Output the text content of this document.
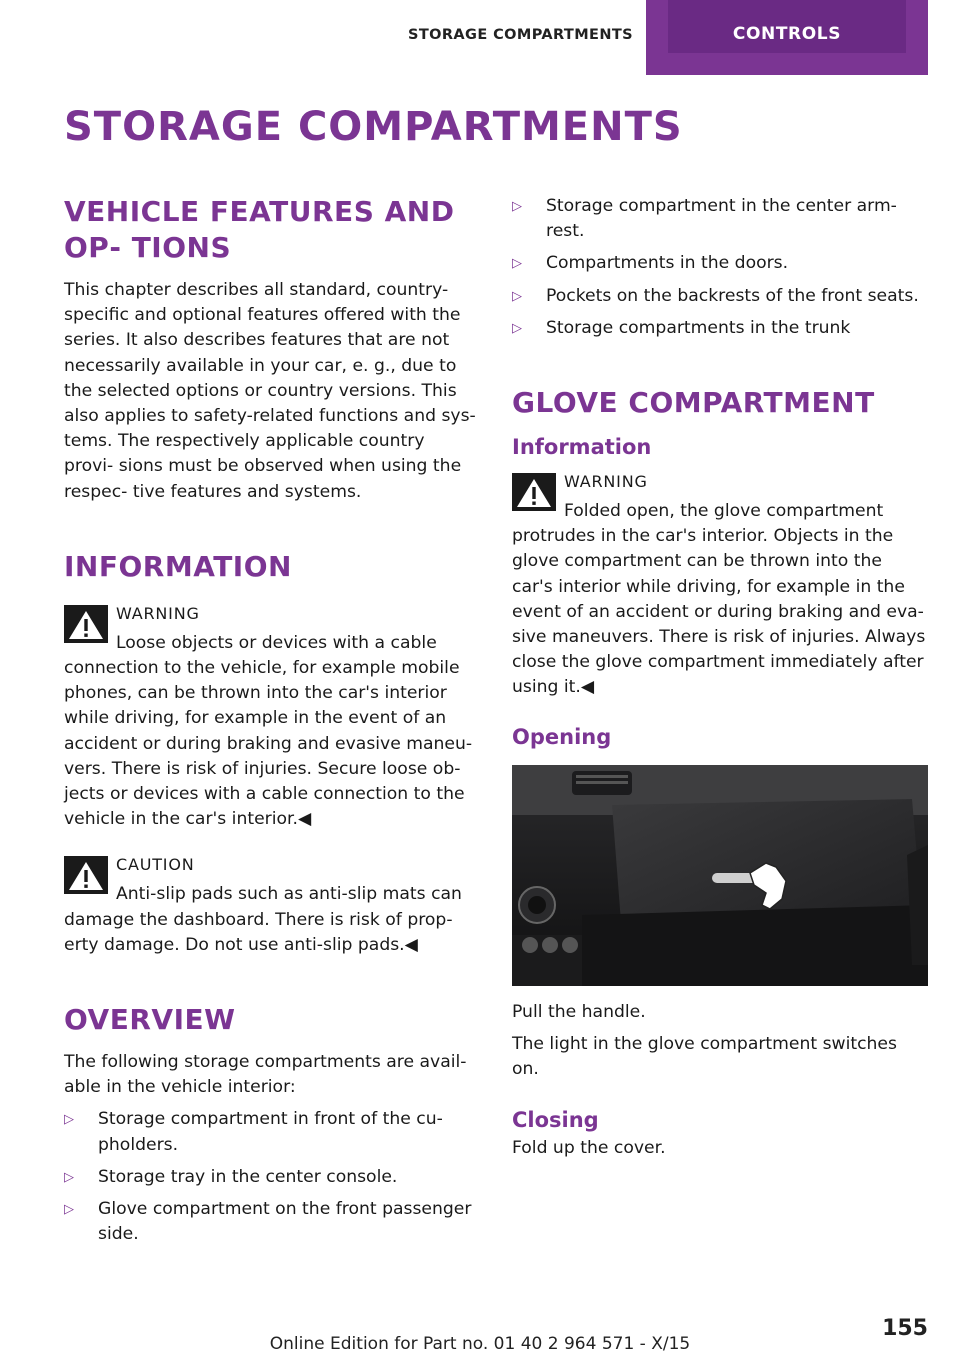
STORAGE COMPARTMENTS	CONTROLS
STORAGE COMPARTMENTS
VEHICLE FEATURES AND OP‐ TIONS

This chapter describes all standard, country-specific and optional features offered with the series. It also describes features that are not necessarily available in your car, e. g., due to the selected options or country versions. This also applies to safety-related functions and sys‐ tems. The respectively applicable country provi‐ sions must be observed when using the respec‐ tive features and systems.

INFORMATION
WARNING
Loose objects or devices with a cable connection to the vehicle, for example mobile phones, can be thrown into the car's interior while driving, for example in the event of an accident or during braking and evasive maneu‐ vers. There is risk of injuries. Secure loose ob‐ jects or devices with a cable connection to the vehicle in the car's interior.◀
CAUTION
Anti-slip pads such as anti-slip mats can damage the dashboard. There is risk of prop‐ erty damage. Do not use anti-slip pads.◀
OVERVIEW

The following storage compartments are avail‐ able in the vehicle interior:

▷ Storage compartment in front of the cu‐ pholders.
▷ Storage tray in the center console.
▷ Glove compartment on the front passenger side.
▷ Storage compartment in the center arm‐ rest.
▷ Compartments in the doors.
▷ Pockets on the backrests of the front seats.
▷ Storage compartments in the trunk
GLOVE COMPARTMENT
Information
WARNING
Folded open, the glove compartment protrudes in the car's interior. Objects in the glove compartment can be thrown into the car's interior while driving, for example in the event of an accident or during braking and eva‐ sive maneuvers. There is risk of injuries. Always close the glove compartment immediately after using it.◀
Opening

Pull the handle.

The light in the glove compartment switches on.

Closing

Fold up the cover.

155
Online Edition for Part no. 01 40 2 964 571 - X/15
